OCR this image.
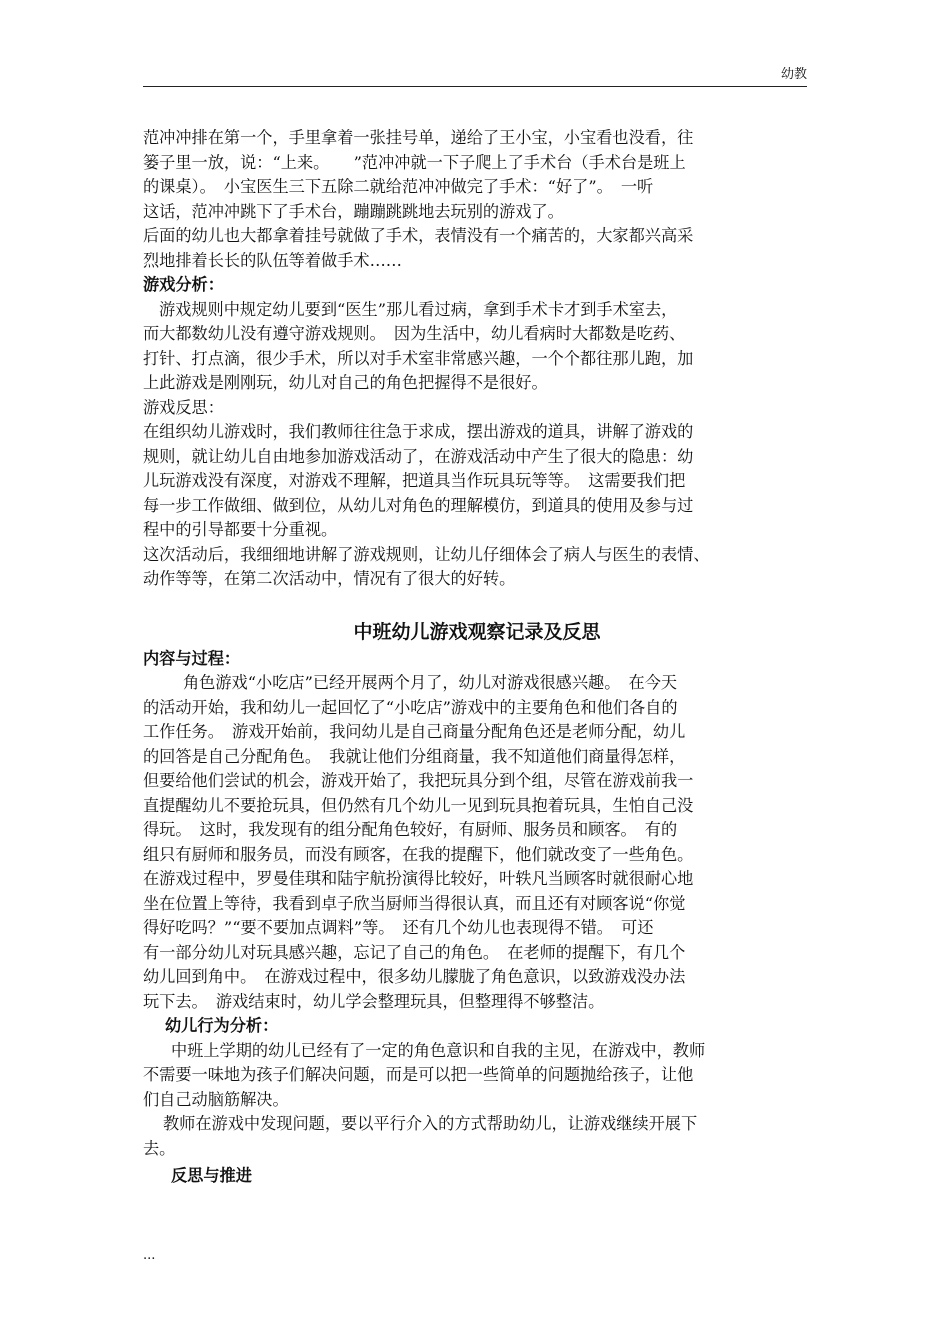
幼教

范冲冲排在第一个，手里拿着一张挂号单，递给了王小宝，小宝看也没看，往

篓子里一放，说：“上来。　　”范冲冲就一下子爬上了手术台（手术台是班上

的课桌）。　小宝医生三下五除二就给范冲冲做完了手术：“好了”。　一听

这话，范冲冲跳下了手术台，蹦蹦跳跳地去玩别的游戏了。

后面的幼儿也大都拿着挂号就做了手术，表情没有一个痛苦的，大家都兴高采

烈地排着长长的队伍等着做手术……

游戏分析：

游戏规则中规定幼儿要到“医生”那儿看过病，拿到手术卡才到手术室去，

而大都数幼儿没有遵守游戏规则。　因为生活中，幼儿看病时大都数是吃药、

打针、打点滴，很少手术，所以对手术室非常感兴趣，一个个都往那儿跑，加

上此游戏是刚刚玩，幼儿对自己的角色把握得不是很好。

游戏反思：

在组织幼儿游戏时，我们教师往往急于求成，摆出游戏的道具，讲解了游戏的

规则，就让幼儿自由地参加游戏活动了，在游戏活动中产生了很大的隐患：幼

儿玩游戏没有深度，对游戏不理解，把道具当作玩具玩等等。　这需要我们把

每一步工作做细、做到位，从幼儿对角色的理解模仿，到道具的使用及参与过

程中的引导都要十分重视。

这次活动后，我细细地讲解了游戏规则，让幼儿仔细体会了病人与医生的表情、

动作等等，在第二次活动中，情况有了很大的好转。

中班幼儿游戏观察记录及反思

内容与过程：

角色游戏“小吃店”已经开展两个月了，幼儿对游戏很感兴趣。　在今天

的活动开始，我和幼儿一起回忆了“小吃店”游戏中的主要角色和他们各自的

工作任务。　游戏开始前，我问幼儿是自己商量分配角色还是老师分配，幼儿

的回答是自己分配角色。　我就让他们分组商量，我不知道他们商量得怎样，

但要给他们尝试的机会，游戏开始了，我把玩具分到个组，尽管在游戏前我一

直提醒幼儿不要抢玩具，但仍然有几个幼儿一见到玩具抱着玩具，生怕自己没

得玩。　这时，我发现有的组分配角色较好，有厨师、服务员和顾客。　有的

组只有厨师和服务员，而没有顾客，在我的提醒下，他们就改变了一些角色。

在游戏过程中，罗曼佳琪和陆宇航扮演得比较好，叶轶凡当顾客时就很耐心地

坐在位置上等待，我看到卓子欣当厨师当得很认真，而且还有对顾客说“你觉

得好吃吗？”“要不要加点调料”等。　还有几个幼儿也表现得不错。　可还

有一部分幼儿对玩具感兴趣，忘记了自己的角色。　在老师的提醒下，有几个

幼儿回到角中。　在游戏过程中，很多幼儿朦胧了角色意识，以致游戏没办法

玩下去。　游戏结束时，幼儿学会整理玩具，但整理得不够整洁。

幼儿行为分析：

中班上学期的幼儿已经有了一定的角色意识和自我的主见，在游戏中，教师

不需要一味地为孩子们解决问题，而是可以把一些简单的问题抛给孩子，让他

们自己动脑筋解决。

教师在游戏中发现问题，要以平行介入的方式帮助幼儿，让游戏继续开展下

去。

反思与推进

...
